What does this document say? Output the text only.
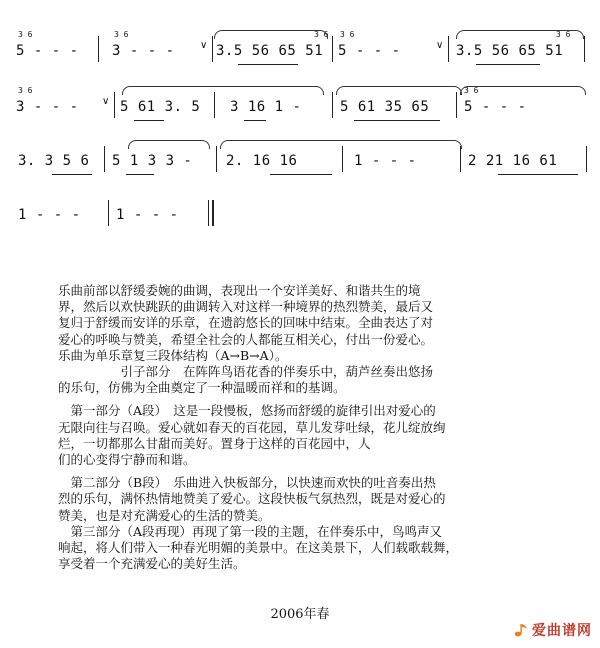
3 6
5 - - -
3 6
3 - - -	∨
3 6
3.5 56 65 51
3 6
5 - - -	∨
3 6
3.5 56 65 51
3 6
3 - - - ∨ 5 61 3. 5 3 16 1 -	5 61 35 65
3 6
5 - - -
3. 3 5 6 5 1 3 3 - 2. 16 16	1 - - -	2 21 16 61
1 - - -	1 - - -

乐曲前部以舒缓委婉的曲调，表现出一个安详美好、和谐共生的境
界，然后以欢快跳跃的曲调转入对这样一种境界的热烈赞美，最后又
复归于舒缓而安详的乐章，在遗韵悠长的回味中结束。全曲表达了对
爱心的呼唤与赞美，希望全社会的人都能互相关心，付出一份爱心。
乐曲为单乐章复三段体结构（A→B→A）。

　　　　　引子部分　在阵阵鸟语花香的伴奏乐中，葫芦丝奏出悠扬
的乐句，仿佛为全曲奠定了一种温暖而祥和的基调。

　第一部分（A段）　这是一段慢板，悠扬而舒缓的旋律引出对爱心的
无限向往与召唤。爱心就如春天的百花园，草儿发芽吐绿，花儿绽放绚
烂，一切都那么甘甜而美好。置身于这样的百花园中，人
们的心变得宁静而和谐。

　第二部分（B段）　乐曲进入快板部分，以快速而欢快的吐音奏出热
烈的乐句，满怀热情地赞美了爱心。这段快板气氛热烈，既是对爱心的
赞美，也是对充满爱心的生活的赞美。
　第三部分（A段再现）再现了第一段的主题，在伴奏乐中，鸟鸣声又
响起，将人们带入一种春光明媚的美景中。在这美景下，人们载歌载舞，
享受着一个充满爱心的美好生活。

2006年春
爱曲谱网
